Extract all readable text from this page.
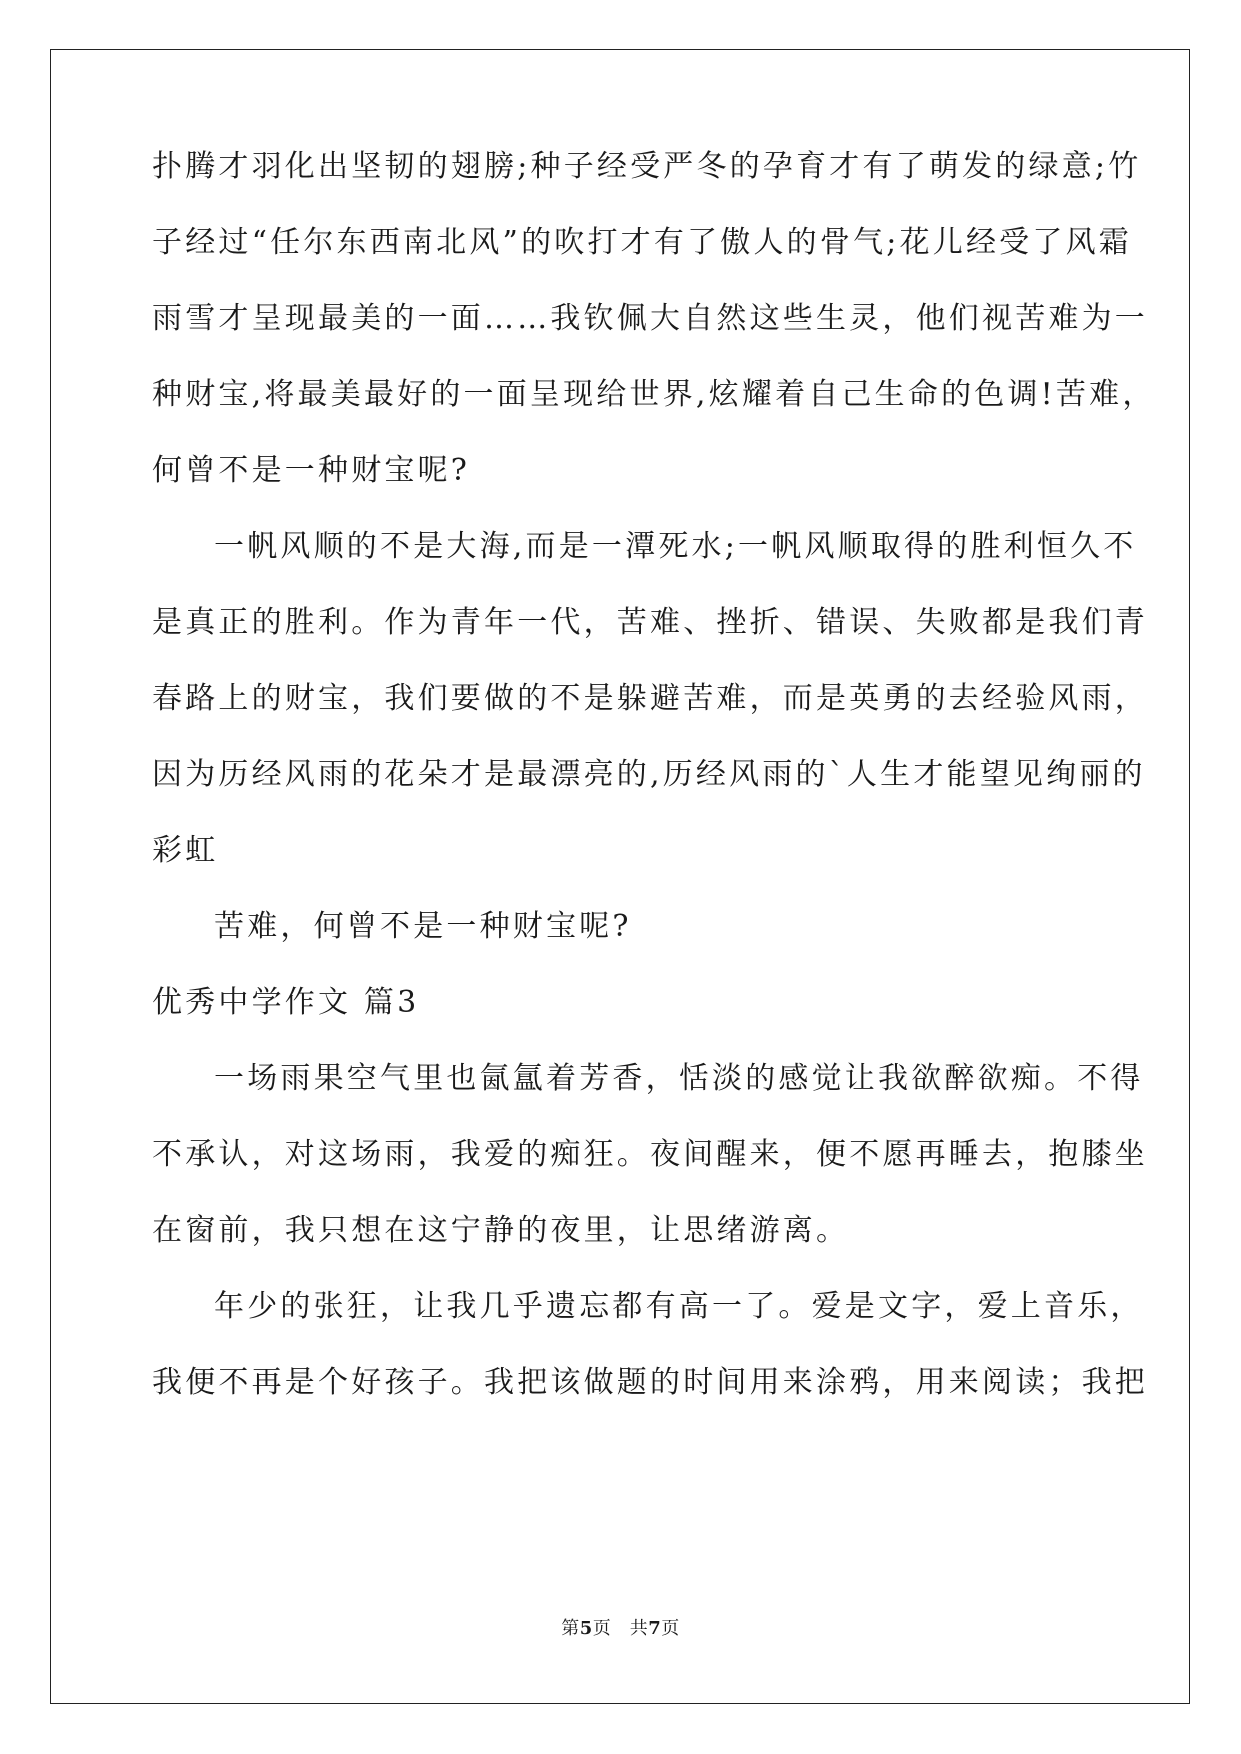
扑腾才羽化出坚韧的翅膀;种子经受严冬的孕育才有了萌发的绿意;竹
子经过“任尔东西南北风”的吹打才有了傲人的骨气;花儿经受了风霜
雨雪才呈现最美的一面……我钦佩大自然这些生灵，他们视苦难为一
种财宝,将最美最好的一面呈现给世界,炫耀着自己生命的色调!苦难，
何曾不是一种财宝呢?
一帆风顺的不是大海,而是一潭死水;一帆风顺取得的胜利恒久不
是真正的胜利。作为青年一代，苦难、挫折、错误、失败都是我们青
春路上的财宝，我们要做的不是躲避苦难，而是英勇的去经验风雨，
因为历经风雨的花朵才是最漂亮的,历经风雨的`人生才能望见绚丽的
彩虹
苦难，何曾不是一种财宝呢?
优秀中学作文 篇3
一场雨果空气里也氤氲着芳香，恬淡的感觉让我欲醉欲痴。不得
不承认，对这场雨，我爱的痴狂。夜间醒来，便不愿再睡去，抱膝坐
在窗前，我只想在这宁静的夜里，让思绪游离。
年少的张狂，让我几乎遗忘都有高一了。爱是文字，爱上音乐，
我便不再是个好孩子。我把该做题的时间用来涂鸦，用来阅读；我把
第5页　共7页
